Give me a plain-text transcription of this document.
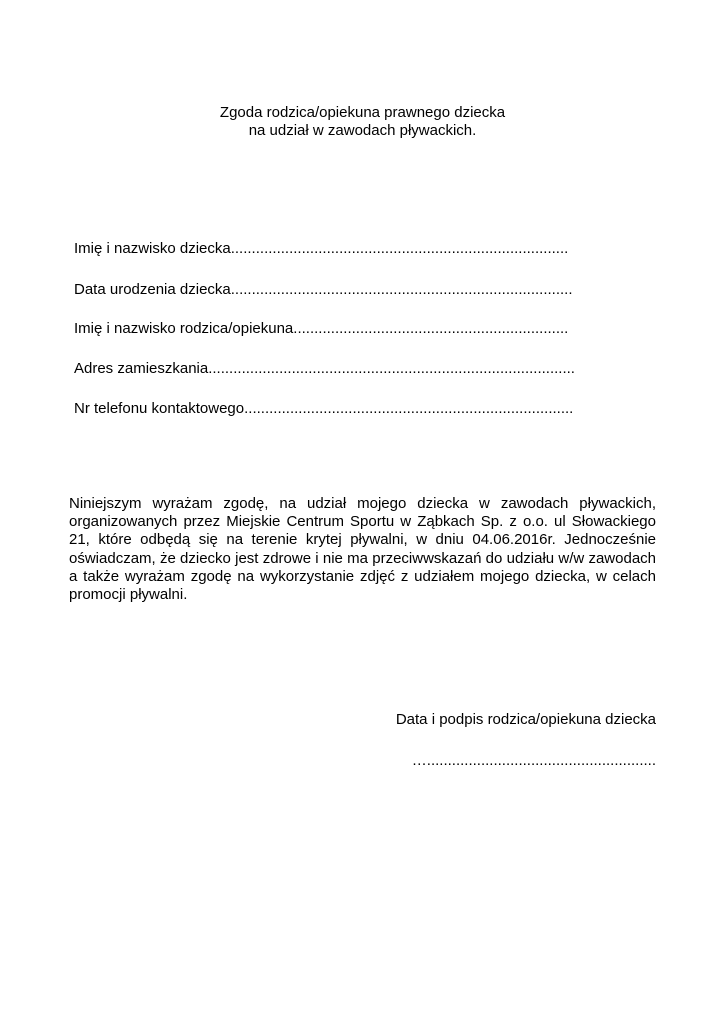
Zgoda rodzica/opiekuna prawnego dziecka
na udział w zawodach pływackich.
Imię i nazwisko dziecka.................................................................................
Data urodzenia dziecka..................................................................................
Imię i nazwisko rodzica/opiekuna..................................................................
Adres zamieszkania........................................................................................
Nr telefonu kontaktowego...............................................................................
Niniejszym wyrażam zgodę, na udział mojego dziecka w zawodach pływackich, organizowanych przez Miejskie Centrum Sportu w Ząbkach Sp. z o.o. ul Słowackiego 21, które odbędą się na terenie krytej pływalni, w dniu 04.06.2016r. Jednocześnie oświadczam, że dziecko jest zdrowe i nie ma przeciwwskazań do udziału w/w zawodach a także wyrażam zgodę na wykorzystanie zdjęć z udziałem mojego dziecka, w celach promocji pływalni.
Data i podpis rodzica/opiekuna dziecka
….......................................................
